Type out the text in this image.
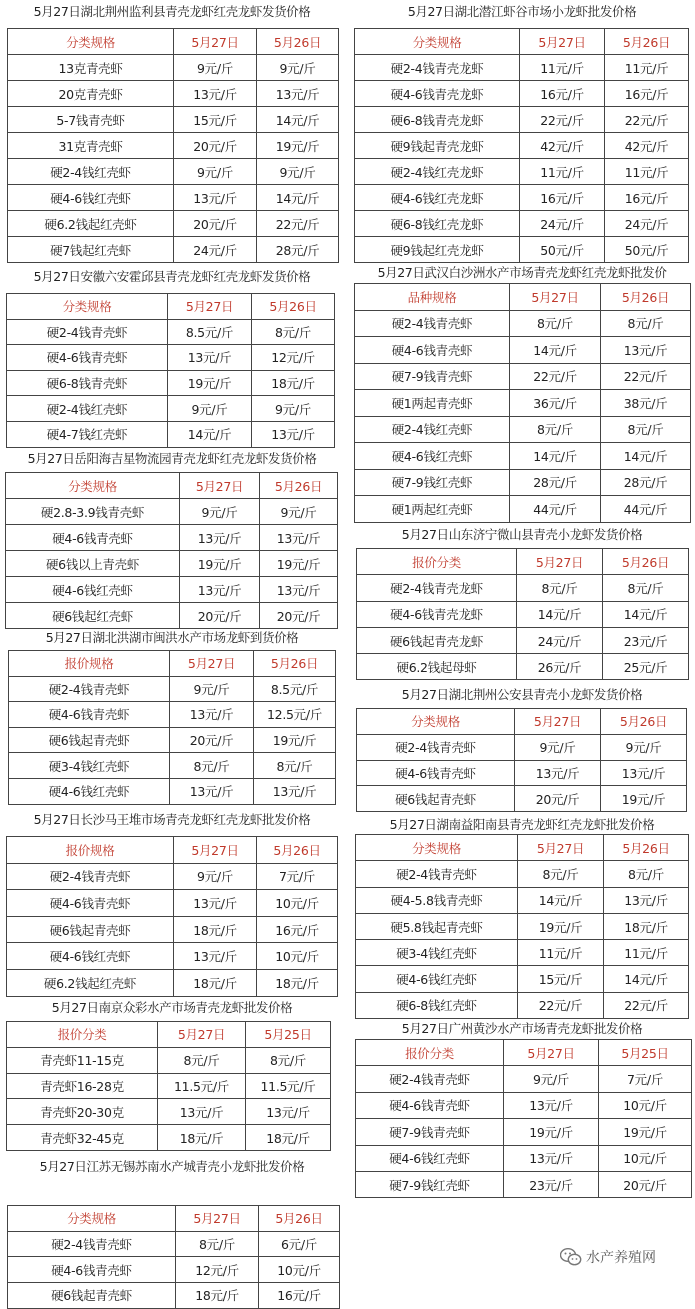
5月27日湖北荆州监利县青壳龙虾红壳龙虾发货价格
分类规格	5月27日	5月26日
13克青壳虾	9元/斤	9元/斤
20克青壳虾	13元/斤	13元/斤
5-7钱青壳虾	15元/斤	14元/斤
31克青壳虾	20元/斤	19元/斤
硬2-4钱红壳虾	9元/斤	9元/斤
硬4-6钱红壳虾	13元/斤	14元/斤
硬6.2钱起红壳虾	20元/斤	22元/斤
硬7钱起红壳虾	24元/斤	28元/斤
5月27日安徽六安霍邱县青壳龙虾红壳龙虾发货价格
分类规格	5月27日	5月26日
硬2-4钱青壳虾	8.5元/斤	8元/斤
硬4-6钱青壳虾	13元/斤	12元/斤
硬6-8钱青壳虾	19元/斤	18元/斤
硬2-4钱红壳虾	9元/斤	9元/斤
硬4-7钱红壳虾	14元/斤	13元/斤
5月27日岳阳海吉星物流园青壳龙虾红壳龙虾发货价格
分类规格	5月27日	5月26日
硬2.8-3.9钱青壳虾	9元/斤	9元/斤
硬4-6钱青壳虾	13元/斤	13元/斤
硬6钱以上青壳虾	19元/斤	19元/斤
硬4-6钱红壳虾	13元/斤	13元/斤
硬6钱起红壳虾	20元/斤	20元/斤
5月27日湖北洪湖市闽洪水产市场龙虾到货价格
报价规格	5月27日	5月26日
硬2-4钱青壳虾	9元/斤	8.5元/斤
硬4-6钱青壳虾	13元/斤	12.5元/斤
硬6钱起青壳虾	20元/斤	19元/斤
硬3-4钱红壳虾	8元/斤	8元/斤
硬4-6钱红壳虾	13元/斤	13元/斤
5月27日长沙马王堆市场青壳龙虾红壳龙虾批发价格
报价规格	5月27日	5月26日
硬2-4钱青壳虾	9元/斤	7元/斤
硬4-6钱青壳虾	13元/斤	10元/斤
硬6钱起青壳虾	18元/斤	16元/斤
硬4-6钱红壳虾	13元/斤	10元/斤
硬6.2钱起红壳虾	18元/斤	18元/斤
5月27日南京众彩水产市场青壳龙虾批发价格
报价分类	5月27日	5月25日
青壳虾11-15克	8元/斤	8元/斤
青壳虾16-28克	11.5元/斤	11.5元/斤
青壳虾20-30克	13元/斤	13元/斤
青壳虾32-45克	18元/斤	18元/斤
5月27日江苏无锡苏南水产城青壳小龙虾批发价格
分类规格	5月27日	5月26日
硬2-4钱青壳虾	8元/斤	6元/斤
硬4-6钱青壳虾	12元/斤	10元/斤
硬6钱起青壳虾	18元/斤	16元/斤
5月27日湖北潜江虾谷市场小龙虾批发价格
分类规格	5月27日	5月26日
硬2-4钱青壳龙虾	11元/斤	11元/斤
硬4-6钱青壳龙虾	16元/斤	16元/斤
硬6-8钱青壳龙虾	22元/斤	22元/斤
硬9钱起青壳龙虾	42元/斤	42元/斤
硬2-4钱红壳龙虾	11元/斤	11元/斤
硬4-6钱红壳龙虾	16元/斤	16元/斤
硬6-8钱红壳龙虾	24元/斤	24元/斤
硬9钱起红壳龙虾	50元/斤	50元/斤
5月27日武汉白沙洲水产市场青壳龙虾红壳龙虾批发价
品种规格	5月27日	5月26日
硬2-4钱青壳虾	8元/斤	8元/斤
硬4-6钱青壳虾	14元/斤	13元/斤
硬7-9钱青壳虾	22元/斤	22元/斤
硬1两起青壳虾	36元/斤	38元/斤
硬2-4钱红壳虾	8元/斤	8元/斤
硬4-6钱红壳虾	14元/斤	14元/斤
硬7-9钱红壳虾	28元/斤	28元/斤
硬1两起红壳虾	44元/斤	44元/斤
5月27日山东济宁微山县青壳小龙虾发货价格
报价分类	5月27日	5月26日
硬2-4钱青壳龙虾	8元/斤	8元/斤
硬4-6钱青壳龙虾	14元/斤	14元/斤
硬6钱起青壳龙虾	24元/斤	23元/斤
硬6.2钱起母虾	26元/斤	25元/斤
5月27日湖北荆州公安县青壳小龙虾发货价格
分类规格	5月27日	5月26日
硬2-4钱青壳虾	9元/斤	9元/斤
硬4-6钱青壳虾	13元/斤	13元/斤
硬6钱起青壳虾	20元/斤	19元/斤
5月27日湖南益阳南县青壳龙虾红壳龙虾批发价格
分类规格	5月27日	5月26日
硬2-4钱青壳虾	8元/斤	8元/斤
硬4-5.8钱青壳虾	14元/斤	13元/斤
硬5.8钱起青壳虾	19元/斤	18元/斤
硬3-4钱红壳虾	11元/斤	11元/斤
硬4-6钱红壳虾	15元/斤	14元/斤
硬6-8钱红壳虾	22元/斤	22元/斤
5月27日广州黄沙水产市场青壳龙虾批发价格
报价分类	5月27日	5月25日
硬2-4钱青壳虾	9元/斤	7元/斤
硬4-6钱青壳虾	13元/斤	10元/斤
硬7-9钱青壳虾	19元/斤	19元/斤
硬4-6钱红壳虾	13元/斤	10元/斤
硬7-9钱红壳虾	23元/斤	20元/斤
水产养殖网
